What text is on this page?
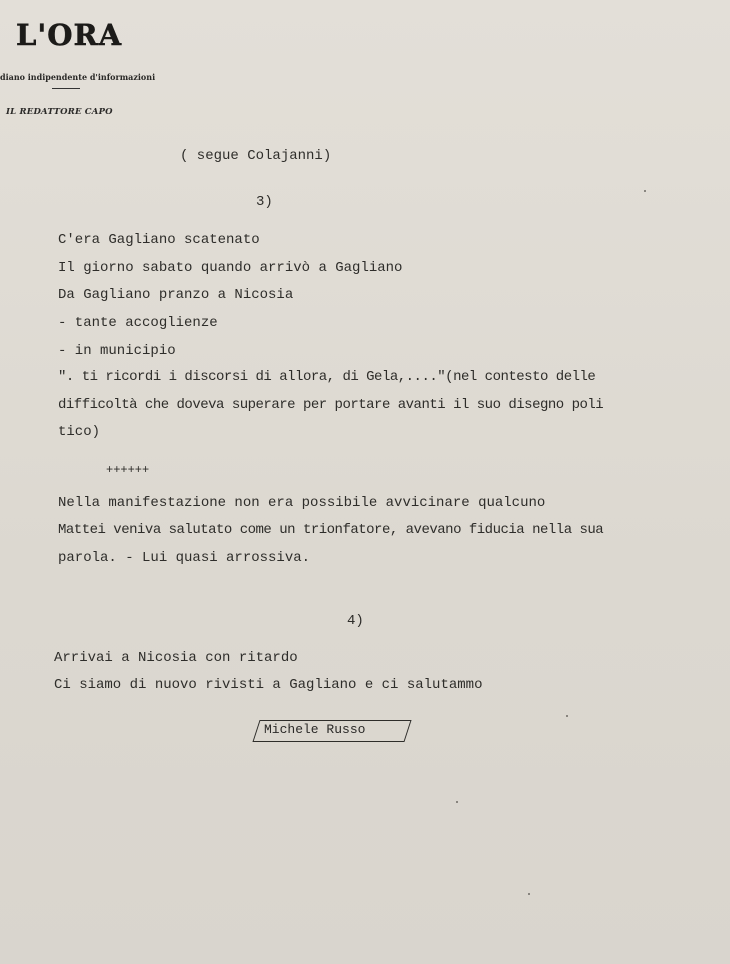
L'ORA
diano indipendente d'informazioni
IL REDATTORE CAPO
( segue Colajanni)
3)
C'era Gagliano scatenato
Il giorno sabato quando arrivò a Gagliano
Da Gagliano pranzo a Nicosia
- tante accoglienze
- in municipio
". ti ricordi i discorsi di allora, di Gela,...."(nel contesto delle
difficoltà che doveva superare per portare avanti il suo disegno poli
tico)
++++++
Nella manifestazione non era possibile avvicinare qualcuno
Mattei veniva salutato come un trionfatore, avevano fiducia nella sua
parola. - Lui quasi arrossiva.
4)
Arrivai a Nicosia con ritardo
Ci siamo di nuovo rivisti a Gagliano e ci salutammo
Michele Russo
